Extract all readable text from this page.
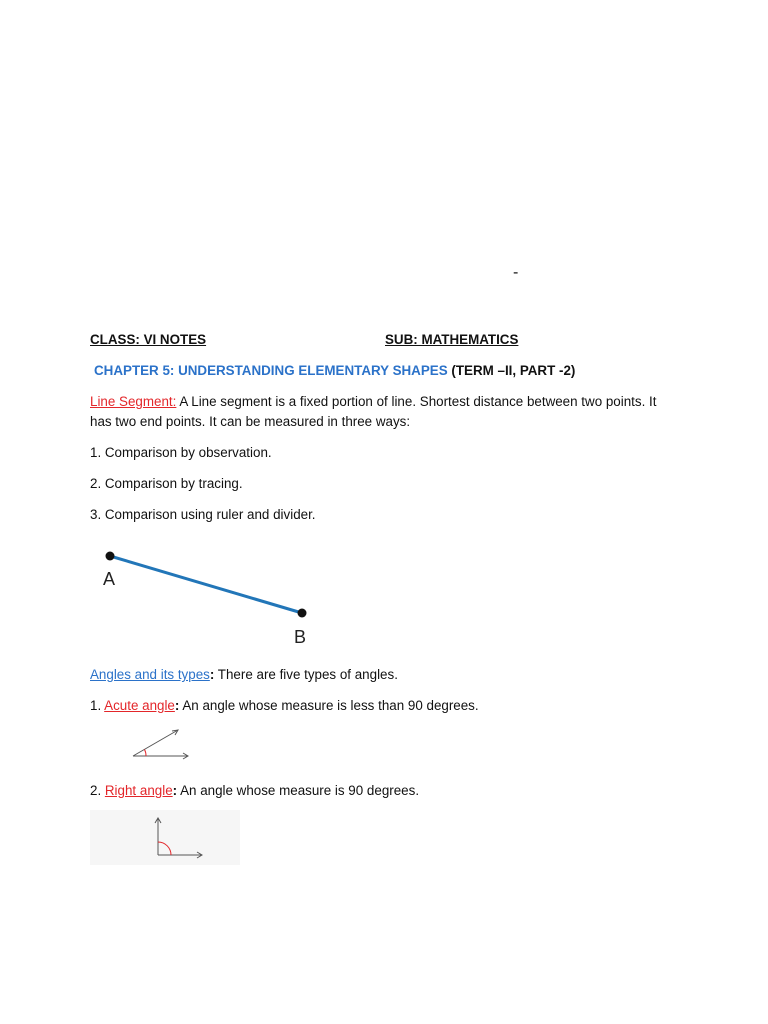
-
CLASS: VI NOTES	SUB: MATHEMATICS
CHAPTER 5: UNDERSTANDING ELEMENTARY SHAPES (TERM –II, PART -2)
Line Segment: A Line segment is a fixed portion of line. Shortest distance between two points. It
has two end points. It can be measured in three ways:
1. Comparison by observation.
2. Comparison by tracing.
3. Comparison using ruler and divider.
A
B
Angles and its types: There are five types of angles.
1. Acute angle: An angle whose measure is less than 90 degrees.
2. Right angle: An angle whose measure is 90 degrees.
